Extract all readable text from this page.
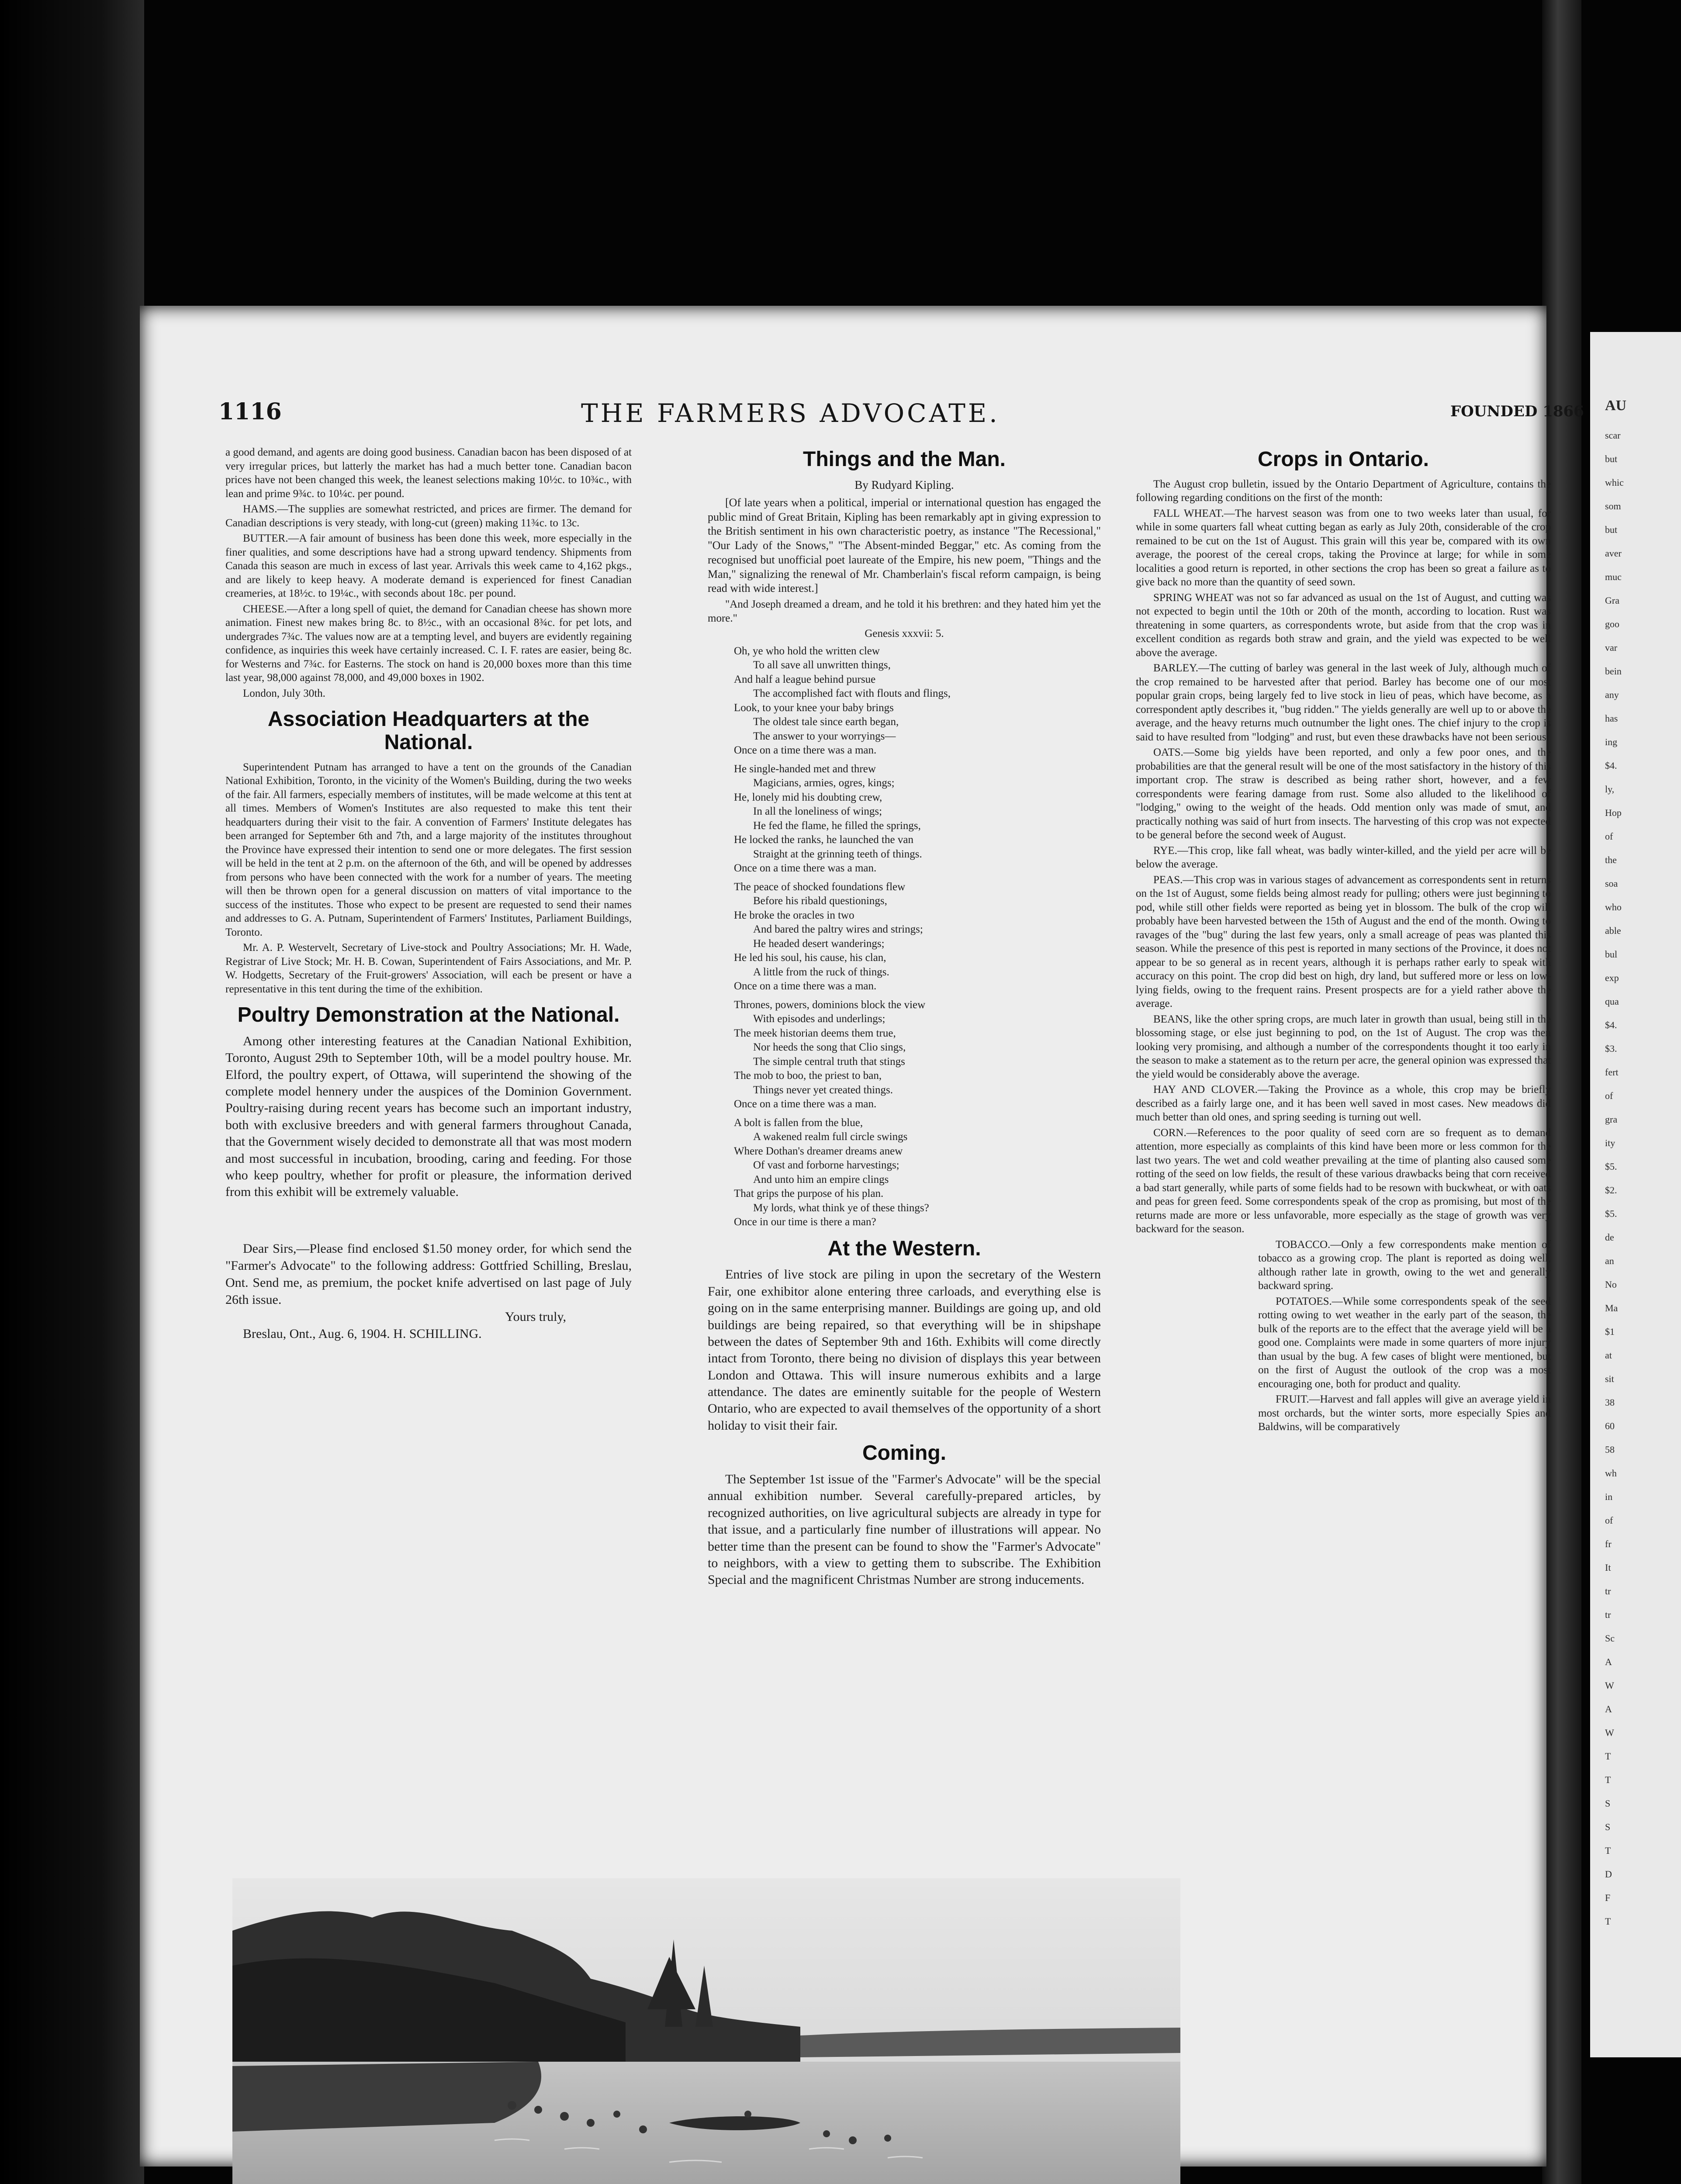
1116	THE FARMERS ADVOCATE.	FOUNDED 1866

a good demand, and agents are doing good business. Canadian bacon has been disposed of at very irregular prices, but latterly the market has had a much better tone. Canadian bacon prices have not been changed this week, the leanest selections making 10½c. to 10¾c., with lean and prime 9¾c. to 10¼c. per pound.

HAMS.—The supplies are somewhat restricted, and prices are firmer. The demand for Canadian descriptions is very steady, with long-cut (green) making 11¾c. to 13c.

BUTTER.—A fair amount of business has been done this week, more especially in the finer qualities, and some descriptions have had a strong upward tendency. Shipments from Canada this season are much in excess of last year. Arrivals this week came to 4,162 pkgs., and are likely to keep heavy. A moderate demand is experienced for finest Canadian creameries, at 18½c. to 19¼c., with seconds about 18c. per pound.

CHEESE.—After a long spell of quiet, the demand for Canadian cheese has shown more animation. Finest new makes bring 8c. to 8½c., with an occasional 8¾c. for pet lots, and undergrades 7¾c. The values now are at a tempting level, and buyers are evidently regaining confidence, as inquiries this week have certainly increased. C. I. F. rates are easier, being 8c. for Westerns and 7¾c. for Easterns. The stock on hand is 20,000 boxes more than this time last year, 98,000 against 78,000, and 49,000 boxes in 1902.

London, July 30th.

Association Headquarters at the National.

Superintendent Putnam has arranged to have a tent on the grounds of the Canadian National Exhibition, Toronto, in the vicinity of the Women's Building, during the two weeks of the fair. All farmers, especially members of institutes, will be made welcome at this tent at all times. Members of Women's Institutes are also requested to make this tent their headquarters during their visit to the fair. A convention of Farmers' Institute delegates has been arranged for September 6th and 7th, and a large majority of the institutes throughout the Province have expressed their intention to send one or more delegates. The first session will be held in the tent at 2 p.m. on the afternoon of the 6th, and will be opened by addresses from persons who have been connected with the work for a number of years. The meeting will then be thrown open for a general discussion on matters of vital importance to the success of the institutes. Those who expect to be present are requested to send their names and addresses to G. A. Putnam, Superintendent of Farmers' Institutes, Parliament Buildings, Toronto.

Mr. A. P. Westervelt, Secretary of Live-stock and Poultry Associations; Mr. H. Wade, Registrar of Live Stock; Mr. H. B. Cowan, Superintendent of Fairs Associations, and Mr. P. W. Hodgetts, Secretary of the Fruit-growers' Association, will each be present or have a representative in this tent during the time of the exhibition.

Poultry Demonstration at the National.

Among other interesting features at the Canadian National Exhibition, Toronto, August 29th to September 10th, will be a model poultry house. Mr. Elford, the poultry expert, of Ottawa, will superintend the showing of the complete model hennery under the auspices of the Dominion Government. Poultry-raising during recent years has become such an important industry, both with exclusive breeders and with general farmers throughout Canada, that the Government wisely decided to demonstrate all that was most modern and most successful in incubation, brooding, caring and feeding. For those who keep poultry, whether for profit or pleasure, the information derived from this exhibit will be extremely valuable.

Dear Sirs,—Please find enclosed $1.50 money order, for which send the "Farmer's Advocate" to the following address: Gottfried Schilling, Breslau, Ont. Send me, as premium, the pocket knife advertised on last page of July 26th issue.

Yours truly,

Breslau, Ont., Aug. 6, 1904. H. SCHILLING.

Things and the Man.
By Rudyard Kipling.

[Of late years when a political, imperial or international question has engaged the public mind of Great Britain, Kipling has been remarkably apt in giving expression to the British sentiment in his own characteristic poetry, as instance "The Recessional," "Our Lady of the Snows," "The Absent-minded Beggar," etc. As coming from the recognised but unofficial poet laureate of the Empire, his new poem, "Things and the Man," signalizing the renewal of Mr. Chamberlain's fiscal reform campaign, is being read with wide interest.]

"And Joseph dreamed a dream, and he told it his brethren: and they hated him yet the more."

Genesis xxxvii: 5.
Oh, ye who hold the written clew
To all save all unwritten things,
And half a league behind pursue
The accomplished fact with flouts and flings,
Look, to your knee your baby brings
The oldest tale since earth began,
The answer to your worryings—
Once on a time there was a man.
He single-handed met and threw
Magicians, armies, ogres, kings;
He, lonely mid his doubting crew,
In all the loneliness of wings;
He fed the flame, he filled the springs,
He locked the ranks, he launched the van
Straight at the grinning teeth of things.
Once on a time there was a man.
The peace of shocked foundations flew
Before his ribald questionings,
He broke the oracles in two
And bared the paltry wires and strings;
He headed desert wanderings;
He led his soul, his cause, his clan,
A little from the ruck of things.
Once on a time there was a man.
Thrones, powers, dominions block the view
With episodes and underlings;
The meek historian deems them true,
Nor heeds the song that Clio sings,
The simple central truth that stings
The mob to boo, the priest to ban,
Things never yet created things.
Once on a time there was a man.
A bolt is fallen from the blue,
A wakened realm full circle swings
Where Dothan's dreamer dreams anew
Of vast and forborne harvestings;
And unto him an empire clings
That grips the purpose of his plan.
My lords, what think ye of these things?
Once in our time is there a man?
At the Western.

Entries of live stock are piling in upon the secretary of the Western Fair, one exhibitor alone entering three carloads, and everything else is going on in the same enterprising manner. Buildings are going up, and old buildings are being repaired, so that everything will be in shipshape between the dates of September 9th and 16th. Exhibits will come directly intact from Toronto, there being no division of displays this year between London and Ottawa. This will insure numerous exhibits and a large attendance. The dates are eminently suitable for the people of Western Ontario, who are expected to avail themselves of the opportunity of a short holiday to visit their fair.

Coming.

The September 1st issue of the "Farmer's Advocate" will be the special annual exhibition number. Several carefully-prepared articles, by recognized authorities, on live agricultural subjects are already in type for that issue, and a particularly fine number of illustrations will appear. No better time than the present can be found to show the "Farmer's Advocate" to neighbors, with a view to getting them to subscribe. The Exhibition Special and the magnificent Christmas Number are strong inducements.

Crops in Ontario.

The August crop bulletin, issued by the Ontario Department of Agriculture, contains the following regarding conditions on the first of the month:

FALL WHEAT.—The harvest season was from one to two weeks later than usual, for while in some quarters fall wheat cutting began as early as July 20th, considerable of the crop remained to be cut on the 1st of August. This grain will this year be, compared with its own average, the poorest of the cereal crops, taking the Province at large; for while in some localities a good return is reported, in other sections the crop has been so great a failure as to give back no more than the quantity of seed sown.

SPRING WHEAT was not so far advanced as usual on the 1st of August, and cutting was not expected to begin until the 10th or 20th of the month, according to location. Rust was threatening in some quarters, as correspondents wrote, but aside from that the crop was in excellent condition as regards both straw and grain, and the yield was expected to be well above the average.

BARLEY.—The cutting of barley was general in the last week of July, although much of the crop remained to be harvested after that period. Barley has become one of our most popular grain crops, being largely fed to live stock in lieu of peas, which have become, as a correspondent aptly describes it, "bug ridden." The yields generally are well up to or above the average, and the heavy returns much outnumber the light ones. The chief injury to the crop is said to have resulted from "lodging" and rust, but even these drawbacks have not been serious.

OATS.—Some big yields have been reported, and only a few poor ones, and the probabilities are that the general result will be one of the most satisfactory in the history of this important crop. The straw is described as being rather short, however, and a few correspondents were fearing damage from rust. Some also alluded to the likelihood of "lodging," owing to the weight of the heads. Odd mention only was made of smut, and practically nothing was said of hurt from insects. The harvesting of this crop was not expected to be general before the second week of August.

RYE.—This crop, like fall wheat, was badly winter-killed, and the yield per acre will be below the average.

PEAS.—This crop was in various stages of advancement as correspondents sent in returns on the 1st of August, some fields being almost ready for pulling; others were just beginning to pod, while still other fields were reported as being yet in blossom. The bulk of the crop will probably have been harvested between the 15th of August and the end of the month. Owing to ravages of the "bug" during the last few years, only a small acreage of peas was planted this season. While the presence of this pest is reported in many sections of the Province, it does not appear to be so general as in recent years, although it is perhaps rather early to speak with accuracy on this point. The crop did best on high, dry land, but suffered more or less on low-lying fields, owing to the frequent rains. Present prospects are for a yield rather above the average.

BEANS, like the other spring crops, are much later in growth than usual, being still in the blossoming stage, or else just beginning to pod, on the 1st of August. The crop was then looking very promising, and although a number of the correspondents thought it too early in the season to make a statement as to the return per acre, the general opinion was expressed that the yield would be considerably above the average.

HAY AND CLOVER.—Taking the Province as a whole, this crop may be briefly described as a fairly large one, and it has been well saved in most cases. New meadows did much better than old ones, and spring seeding is turning out well.

CORN.—References to the poor quality of seed corn are so frequent as to demand attention, more especially as complaints of this kind have been more or less common for the last two years. The wet and cold weather prevailing at the time of planting also caused some rotting of the seed on low fields, the result of these various drawbacks being that corn received a bad start generally, while parts of some fields had to be resown with buckwheat, or with oats and peas for green feed. Some correspondents speak of the crop as promising, but most of the returns made are more or less unfavorable, more especially as the stage of growth was very backward for the season.

TOBACCO.—Only a few correspondents make mention of tobacco as a growing crop. The plant is reported as doing well, although rather late in growth, owing to the wet and generally backward spring.

POTATOES.—While some correspondents speak of the seed rotting owing to wet weather in the early part of the season, the bulk of the reports are to the effect that the average yield will be a good one. Complaints were made in some quarters of more injury than usual by the bug. A few cases of blight were mentioned, but on the first of August the outlook of the crop was a most encouraging one, both for product and quality.

FRUIT.—Harvest and fall apples will give an average yield in most orchards, but the winter sorts, more especially Spies and Baldwins, will be comparatively

AU
scar
but
whic
som
but
aver
muc
Gra
goo
var
bein
any
has
ing
$4.
ly,
Hop
of
the
soa
who
able
bul
exp
qua
$4.
$3.
fert
of
gra
ity
$5.
$2.
$5.
de
an
No
Ma
$1
at
sit
38
60
58
wh
in
of
fr
It
tr
tr
Sc
A
W
A
W
T
T
S
S
T
D
F
T
